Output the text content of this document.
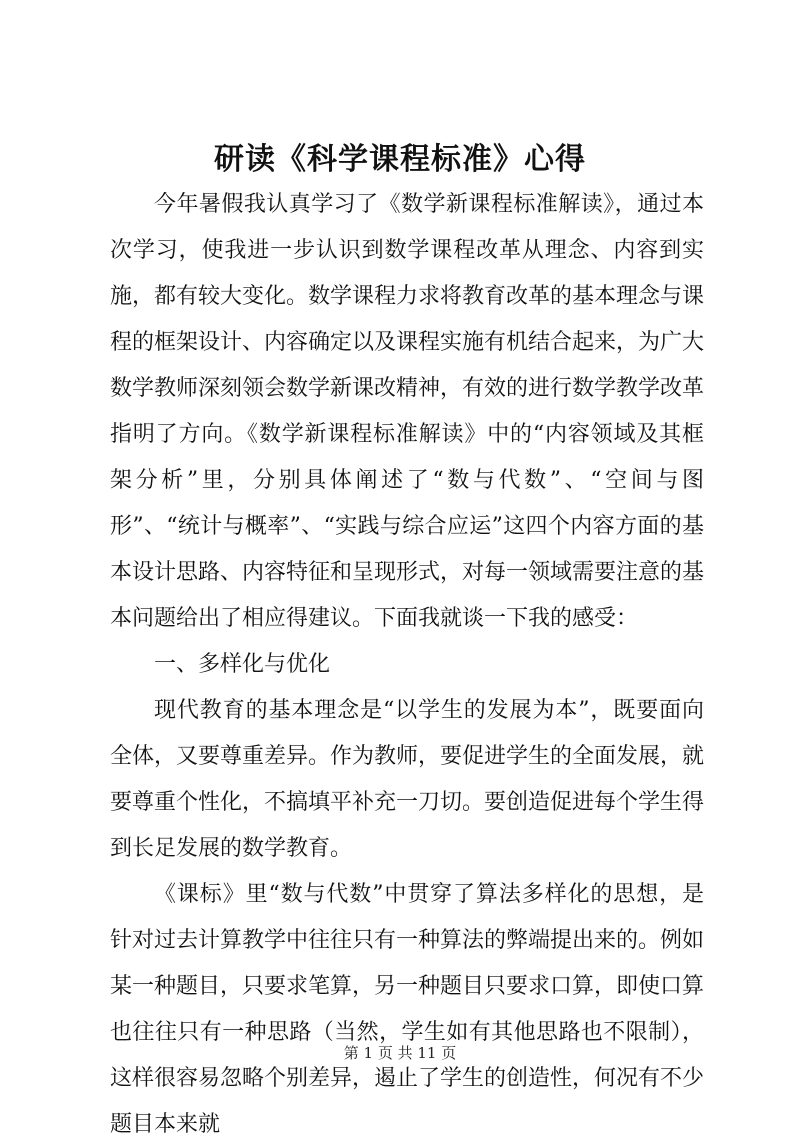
研读《科学课程标准》心得

今年暑假我认真学习了《数学新课程标准解读》，通过本次学习，使我进一步认识到数学课程改革从理念、内容到实施，都有较大变化。数学课程力求将教育改革的基本理念与课程的框架设计、内容确定以及课程实施有机结合起来，为广大数学教师深刻领会数学新课改精神，有效的进行数学教学改革指明了方向。《数学新课程标准解读》中的“内容领域及其框架分析”里，分别具体阐述了“数与代数”、“空间与图形”、“统计与概率”、“实践与综合应运”这四个内容方面的基本设计思路、内容特征和呈现形式，对每一领域需要注意的基本问题给出了相应得建议。下面我就谈一下我的感受：

一、多样化与优化

现代教育的基本理念是“以学生的发展为本”，既要面向全体，又要尊重差异。作为教师，要促进学生的全面发展，就要尊重个性化，不搞填平补充一刀切。要创造促进每个学生得到长足发展的数学教育。

《课标》里“数与代数”中贯穿了算法多样化的思想，是针对过去计算教学中往往只有一种算法的弊端提出来的。例如某一种题目，只要求笔算，另一种题目只要求口算，即使口算也往往只有一种思路（当然，学生如有其他思路也不限制），这样很容易忽略个别差异，遏止了学生的创造性，何况有不少题目本来就

第 1 页 共 11 页
